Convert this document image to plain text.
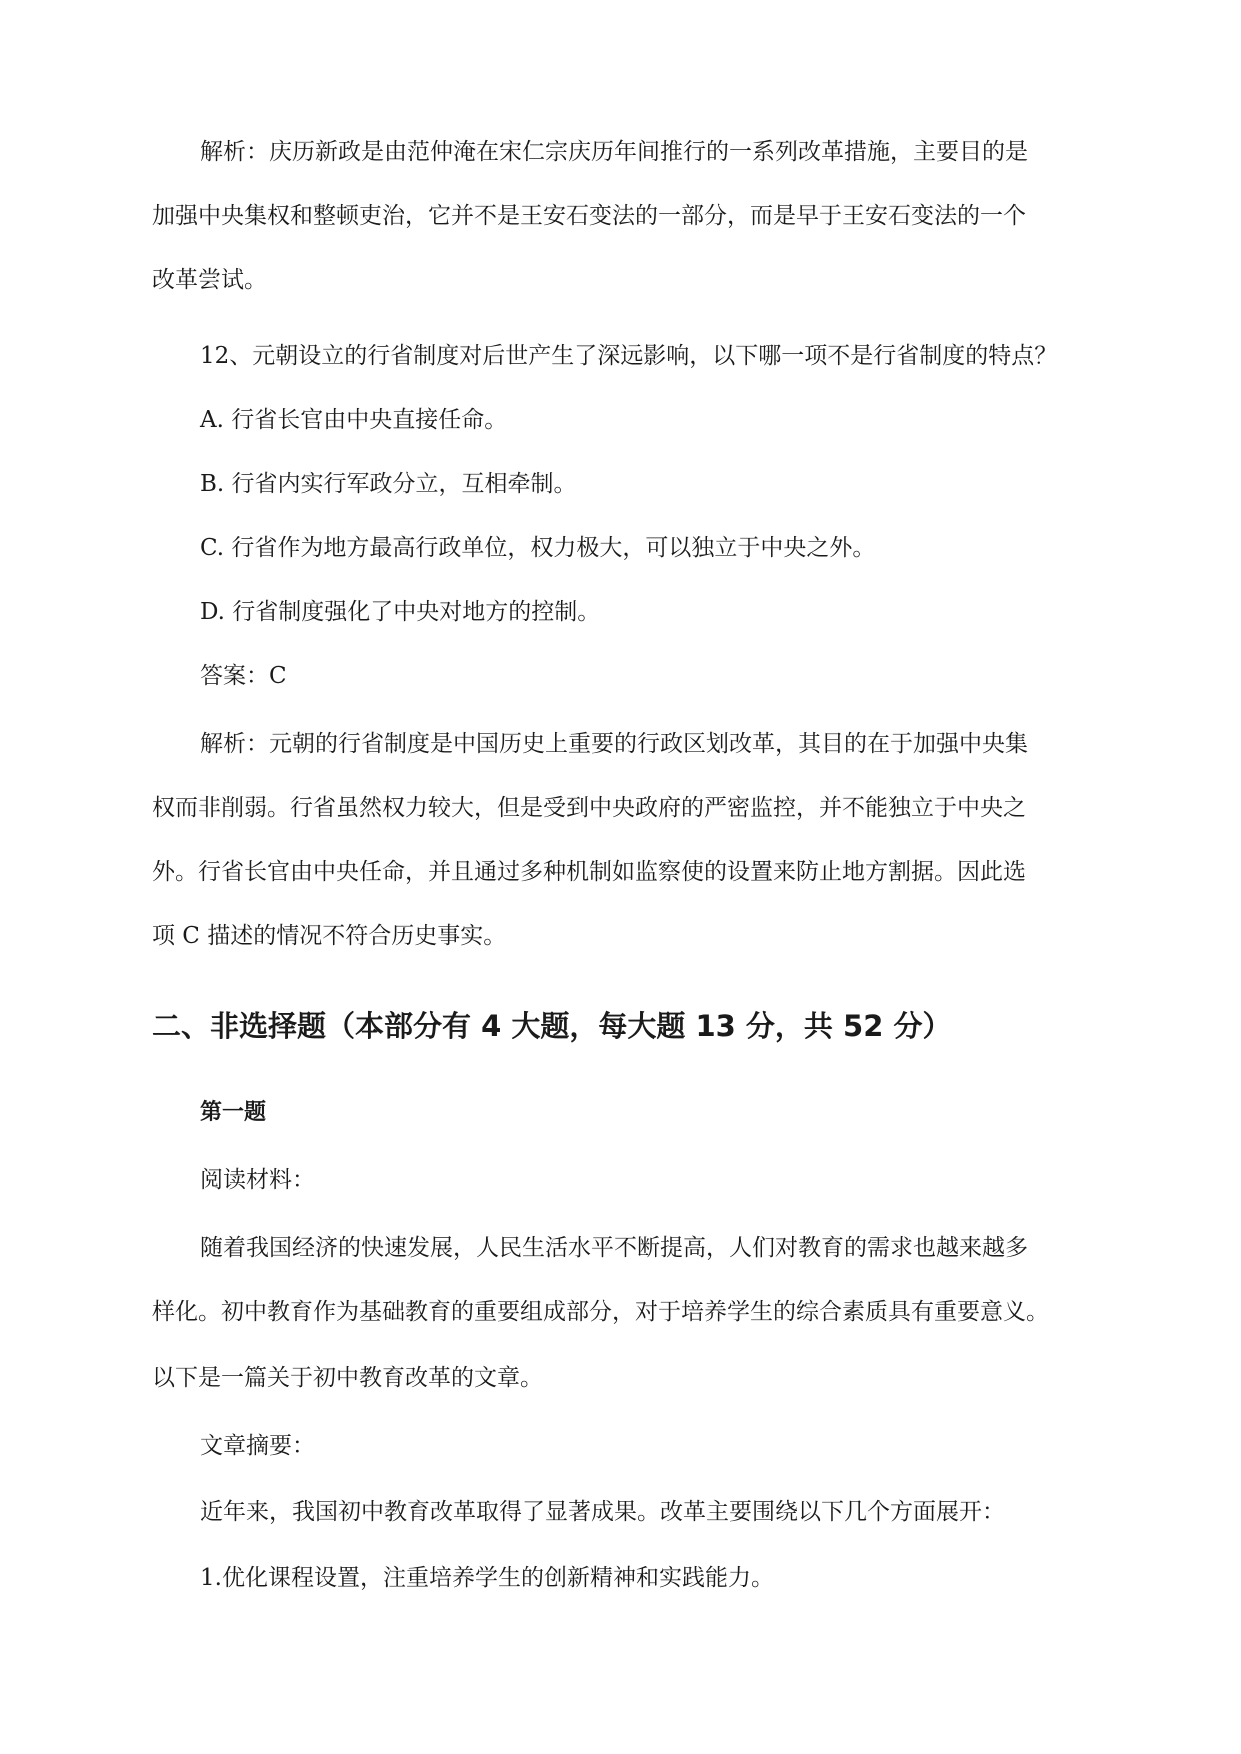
解析：庆历新政是由范仲淹在宋仁宗庆历年间推行的一系列改革措施，主要目的是
加强中央集权和整顿吏治，它并不是王安石变法的一部分，而是早于王安石变法的一个
改革尝试。
12、元朝设立的行省制度对后世产生了深远影响，以下哪一项不是行省制度的特点？
A. 行省长官由中央直接任命。
B. 行省内实行军政分立，互相牵制。
C. 行省作为地方最高行政单位，权力极大，可以独立于中央之外。
D. 行省制度强化了中央对地方的控制。
答案：C
解析：元朝的行省制度是中国历史上重要的行政区划改革，其目的在于加强中央集
权而非削弱。行省虽然权力较大，但是受到中央政府的严密监控，并不能独立于中央之
外。行省长官由中央任命，并且通过多种机制如监察使的设置来防止地方割据。因此选
项 C 描述的情况不符合历史事实。
二、非选择题（本部分有 4 大题，每大题 13 分，共 52 分）
第一题
阅读材料：
随着我国经济的快速发展，人民生活水平不断提高，人们对教育的需求也越来越多
样化。初中教育作为基础教育的重要组成部分，对于培养学生的综合素质具有重要意义。
以下是一篇关于初中教育改革的文章。
文章摘要：
近年来，我国初中教育改革取得了显著成果。改革主要围绕以下几个方面展开：
1.优化课程设置，注重培养学生的创新精神和实践能力。
